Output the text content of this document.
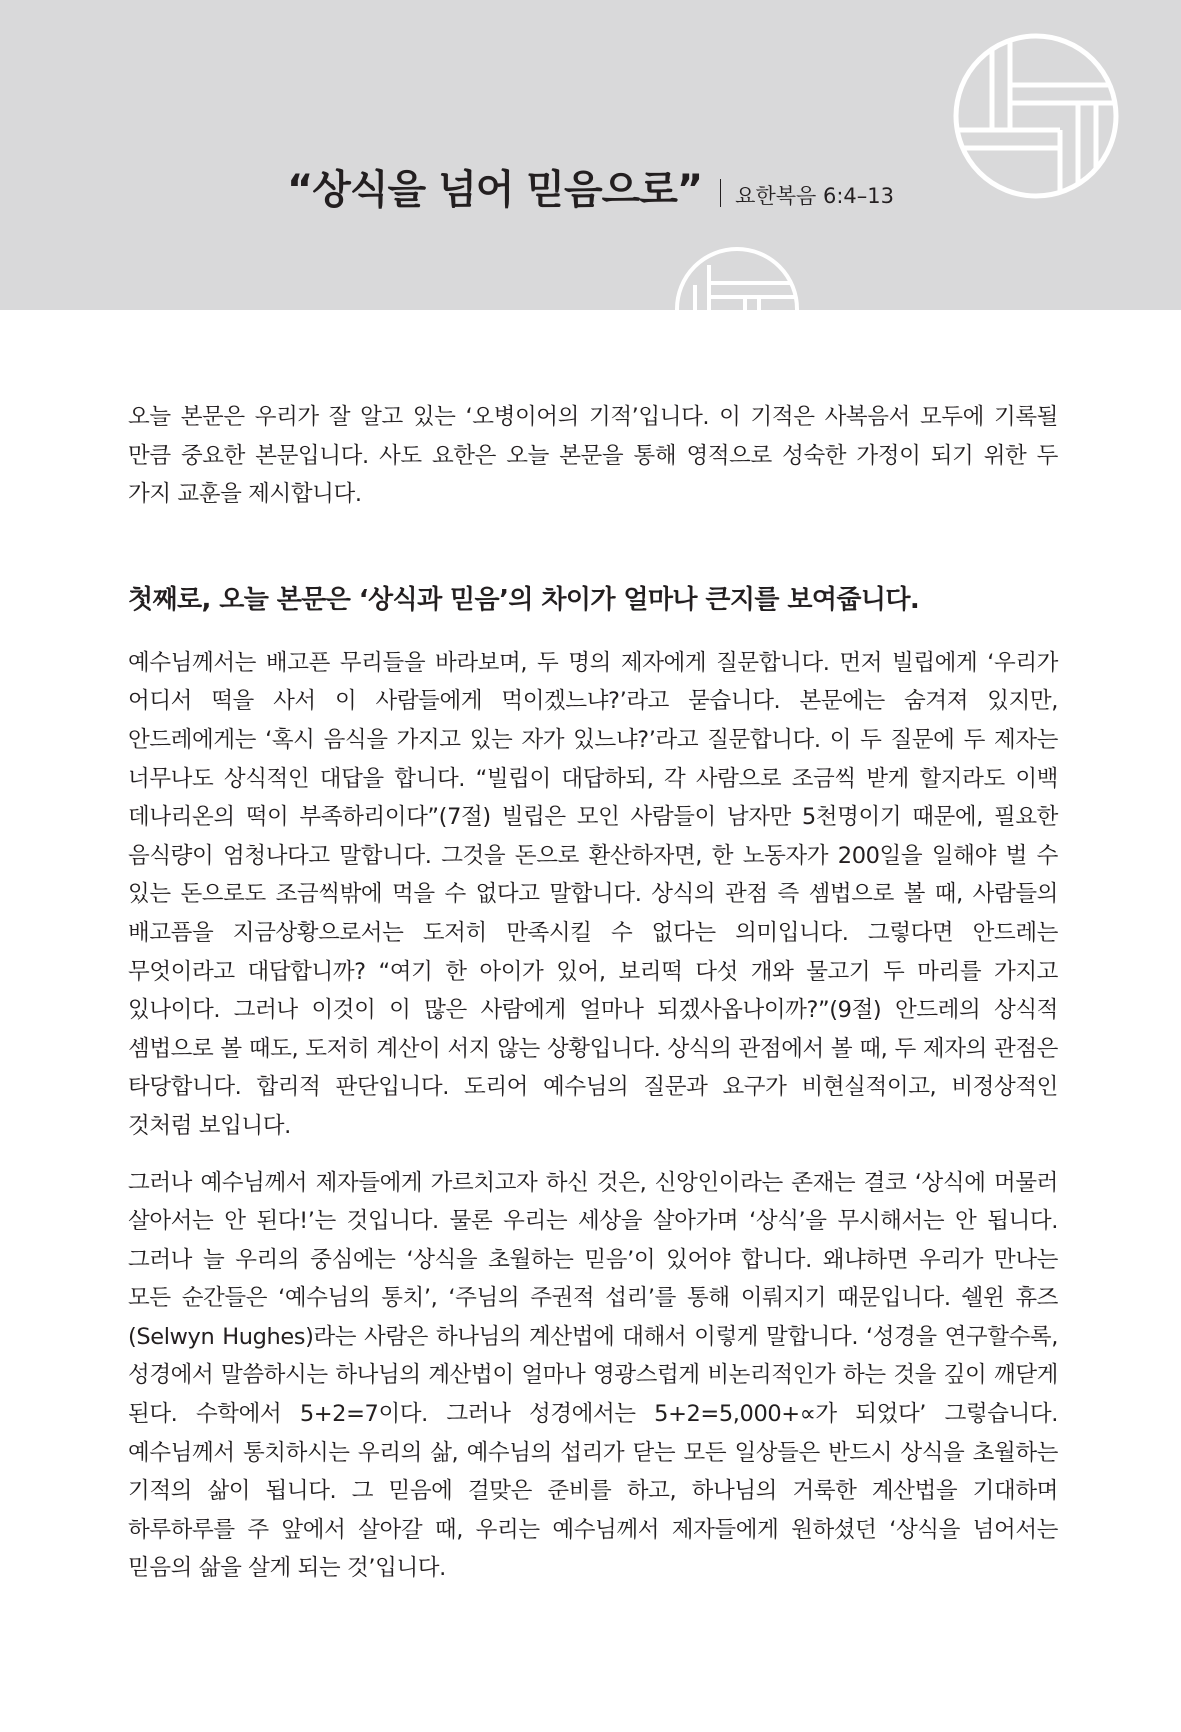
“상식을 넘어 믿음으로” 요한복음 6:4–13

오늘 본문은 우리가 잘 알고 있는 ‘오병이어의 기적’입니다. 이 기적은 사복음서 모두에 기록될 만큼 중요한 본문입니다. 사도 요한은 오늘 본문을 통해 영적으로 성숙한 가정이 되기 위한 두 가지 교훈을 제시합니다.

첫째로, 오늘 본문은 ‘상식과 믿음’의 차이가 얼마나 큰지를 보여줍니다.

예수님께서는 배고픈 무리들을 바라보며, 두 명의 제자에게 질문합니다. 먼저 빌립에게 ‘우리가 어디서 떡을 사서 이 사람들에게 먹이겠느냐?’라고 묻습니다. 본문에는 숨겨져 있지만, 안드레에게는 ‘혹시 음식을 가지고 있는 자가 있느냐?’라고 질문합니다. 이 두 질문에 두 제자는 너무나도 상식적인 대답을 합니다. “빌립이 대답하되, 각 사람으로 조금씩 받게 할지라도 이백 데나리온의 떡이 부족하리이다”(7절) 빌립은 모인 사람들이 남자만 5천명이기 때문에, 필요한 음식량이 엄청나다고 말합니다. 그것을 돈으로 환산하자면, 한 노동자가 200일을 일해야 벌 수 있는 돈으로도 조금씩밖에 먹을 수 없다고 말합니다. 상식의 관점 즉 셈법으로 볼 때, 사람들의 배고픔을 지금상황으로서는 도저히 만족시킬 수 없다는 의미입니다. 그렇다면 안드레는 무엇이라고 대답합니까? “여기 한 아이가 있어, 보리떡 다섯 개와 물고기 두 마리를 가지고 있나이다. 그러나 이것이 이 많은 사람에게 얼마나 되겠사옵나이까?”(9절) 안드레의 상식적 셈법으로 볼 때도, 도저히 계산이 서지 않는 상황입니다. 상식의 관점에서 볼 때, 두 제자의 관점은 타당합니다. 합리적 판단입니다. 도리어 예수님의 질문과 요구가 비현실적이고, 비정상적인 것처럼 보입니다.

그러나 예수님께서 제자들에게 가르치고자 하신 것은, 신앙인이라는 존재는 결코 ‘상식에 머물러 살아서는 안 된다!’는 것입니다. 물론 우리는 세상을 살아가며 ‘상식’을 무시해서는 안 됩니다. 그러나 늘 우리의 중심에는 ‘상식을 초월하는 믿음’이 있어야 합니다. 왜냐하면 우리가 만나는 모든 순간들은 ‘예수님의 통치’, ‘주님의 주권적 섭리’를 통해 이뤄지기 때문입니다. 쉘윈 휴즈(Selwyn Hughes)라는 사람은 하나님의 계산법에 대해서 이렇게 말합니다. ‘성경을 연구할수록, 성경에서 말씀하시는 하나님의 계산법이 얼마나 영광스럽게 비논리적인가 하는 것을 깊이 깨닫게 된다. 수학에서 5+2=7이다. 그러나 성경에서는 5+2=5,000+∝가 되었다’ 그렇습니다. 예수님께서 통치하시는 우리의 삶, 예수님의 섭리가 닫는 모든 일상들은 반드시 상식을 초월하는 기적의 삶이 됩니다. 그 믿음에 걸맞은 준비를 하고, 하나님의 거룩한 계산법을 기대하며 하루하루를 주 앞에서 살아갈 때, 우리는 예수님께서 제자들에게 원하셨던 ‘상식을 넘어서는 믿음의 삶을 살게 되는 것’입니다.
